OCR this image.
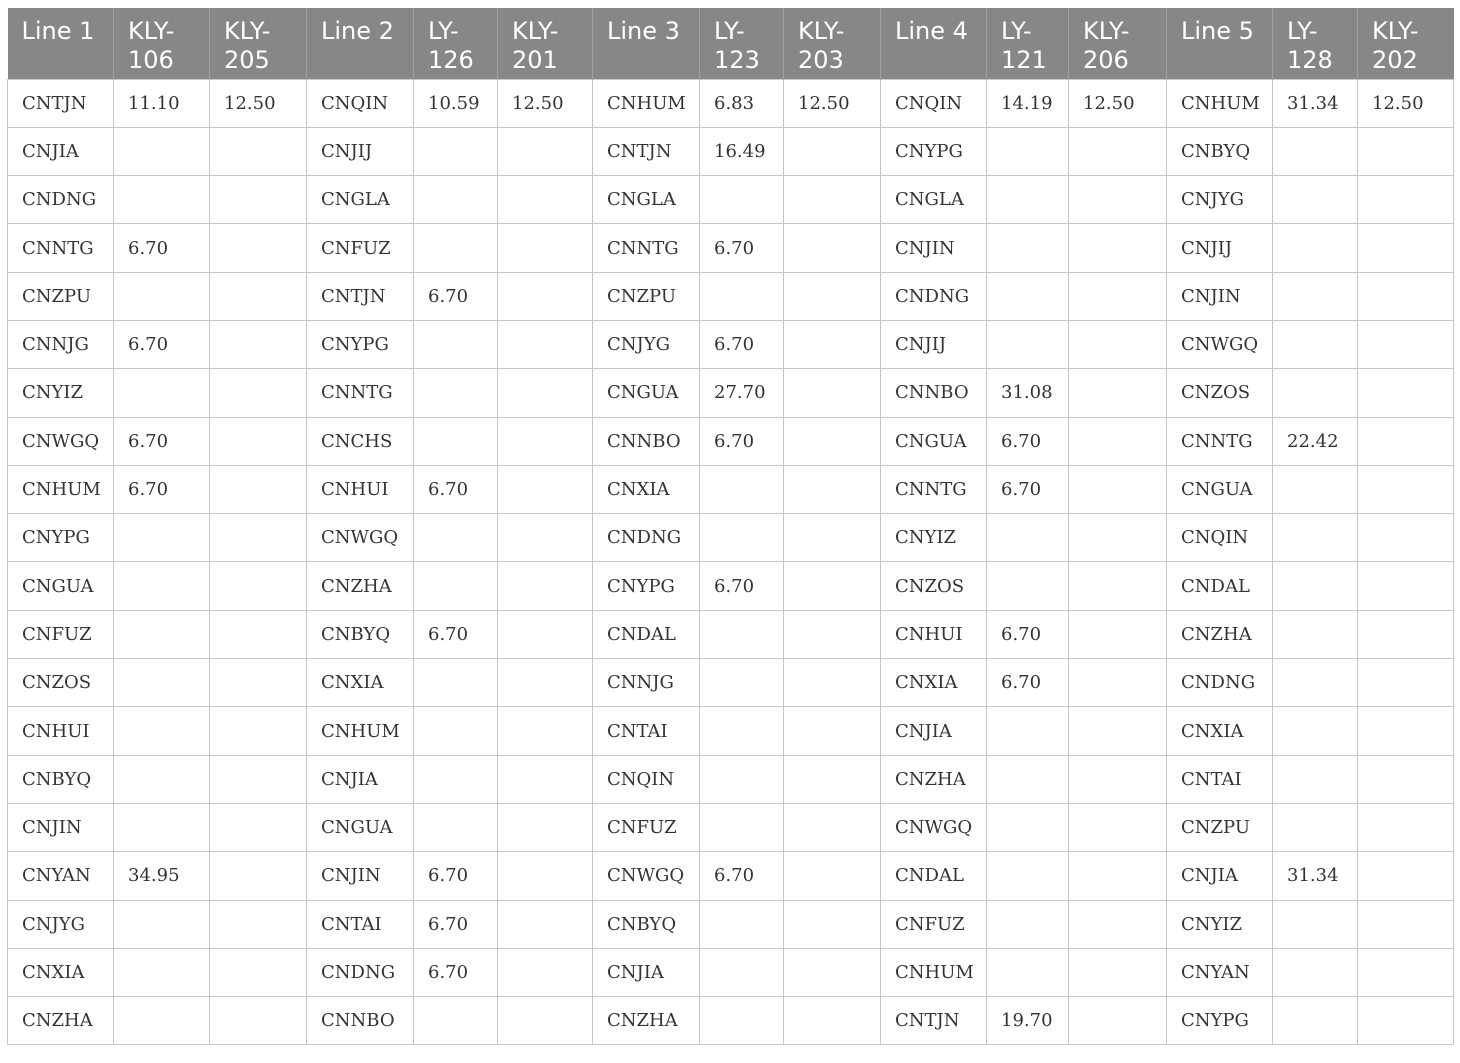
Line 1	KLY-106	KLY-205	Line 2	LY-126	KLY-201	Line 3	LY-123	KLY-203	Line 4	LY-121	KLY-206	Line 5	LY-128	KLY-202
CNTJN	11.10	12.50	CNQIN	10.59	12.50	CNHUM	6.83	12.50	CNQIN	14.19	12.50	CNHUM	31.34	12.50
CNJIA			CNJIJ			CNTJN	16.49		CNYPG			CNBYQ		
CNDNG			CNGLA			CNGLA			CNGLA			CNJYG		
CNNTG	6.70		CNFUZ			CNNTG	6.70		CNJIN			CNJIJ		
CNZPU			CNTJN	6.70		CNZPU			CNDNG			CNJIN		
CNNJG	6.70		CNYPG			CNJYG	6.70		CNJIJ			CNWGQ		
CNYIZ			CNNTG			CNGUA	27.70		CNNBO	31.08		CNZOS		
CNWGQ	6.70		CNCHS			CNNBO	6.70		CNGUA	6.70		CNNTG	22.42	
CNHUM	6.70		CNHUI	6.70		CNXIA			CNNTG	6.70		CNGUA		
CNYPG			CNWGQ			CNDNG			CNYIZ			CNQIN		
CNGUA			CNZHA			CNYPG	6.70		CNZOS			CNDAL		
CNFUZ			CNBYQ	6.70		CNDAL			CNHUI	6.70		CNZHA		
CNZOS			CNXIA			CNNJG			CNXIA	6.70		CNDNG		
CNHUI			CNHUM			CNTAI			CNJIA			CNXIA		
CNBYQ			CNJIA			CNQIN			CNZHA			CNTAI		
CNJIN			CNGUA			CNFUZ			CNWGQ			CNZPU		
CNYAN	34.95		CNJIN	6.70		CNWGQ	6.70		CNDAL			CNJIA	31.34	
CNJYG			CNTAI	6.70		CNBYQ			CNFUZ			CNYIZ		
CNXIA			CNDNG	6.70		CNJIA			CNHUM			CNYAN		
CNZHA			CNNBO			CNZHA			CNTJN	19.70		CNYPG		
